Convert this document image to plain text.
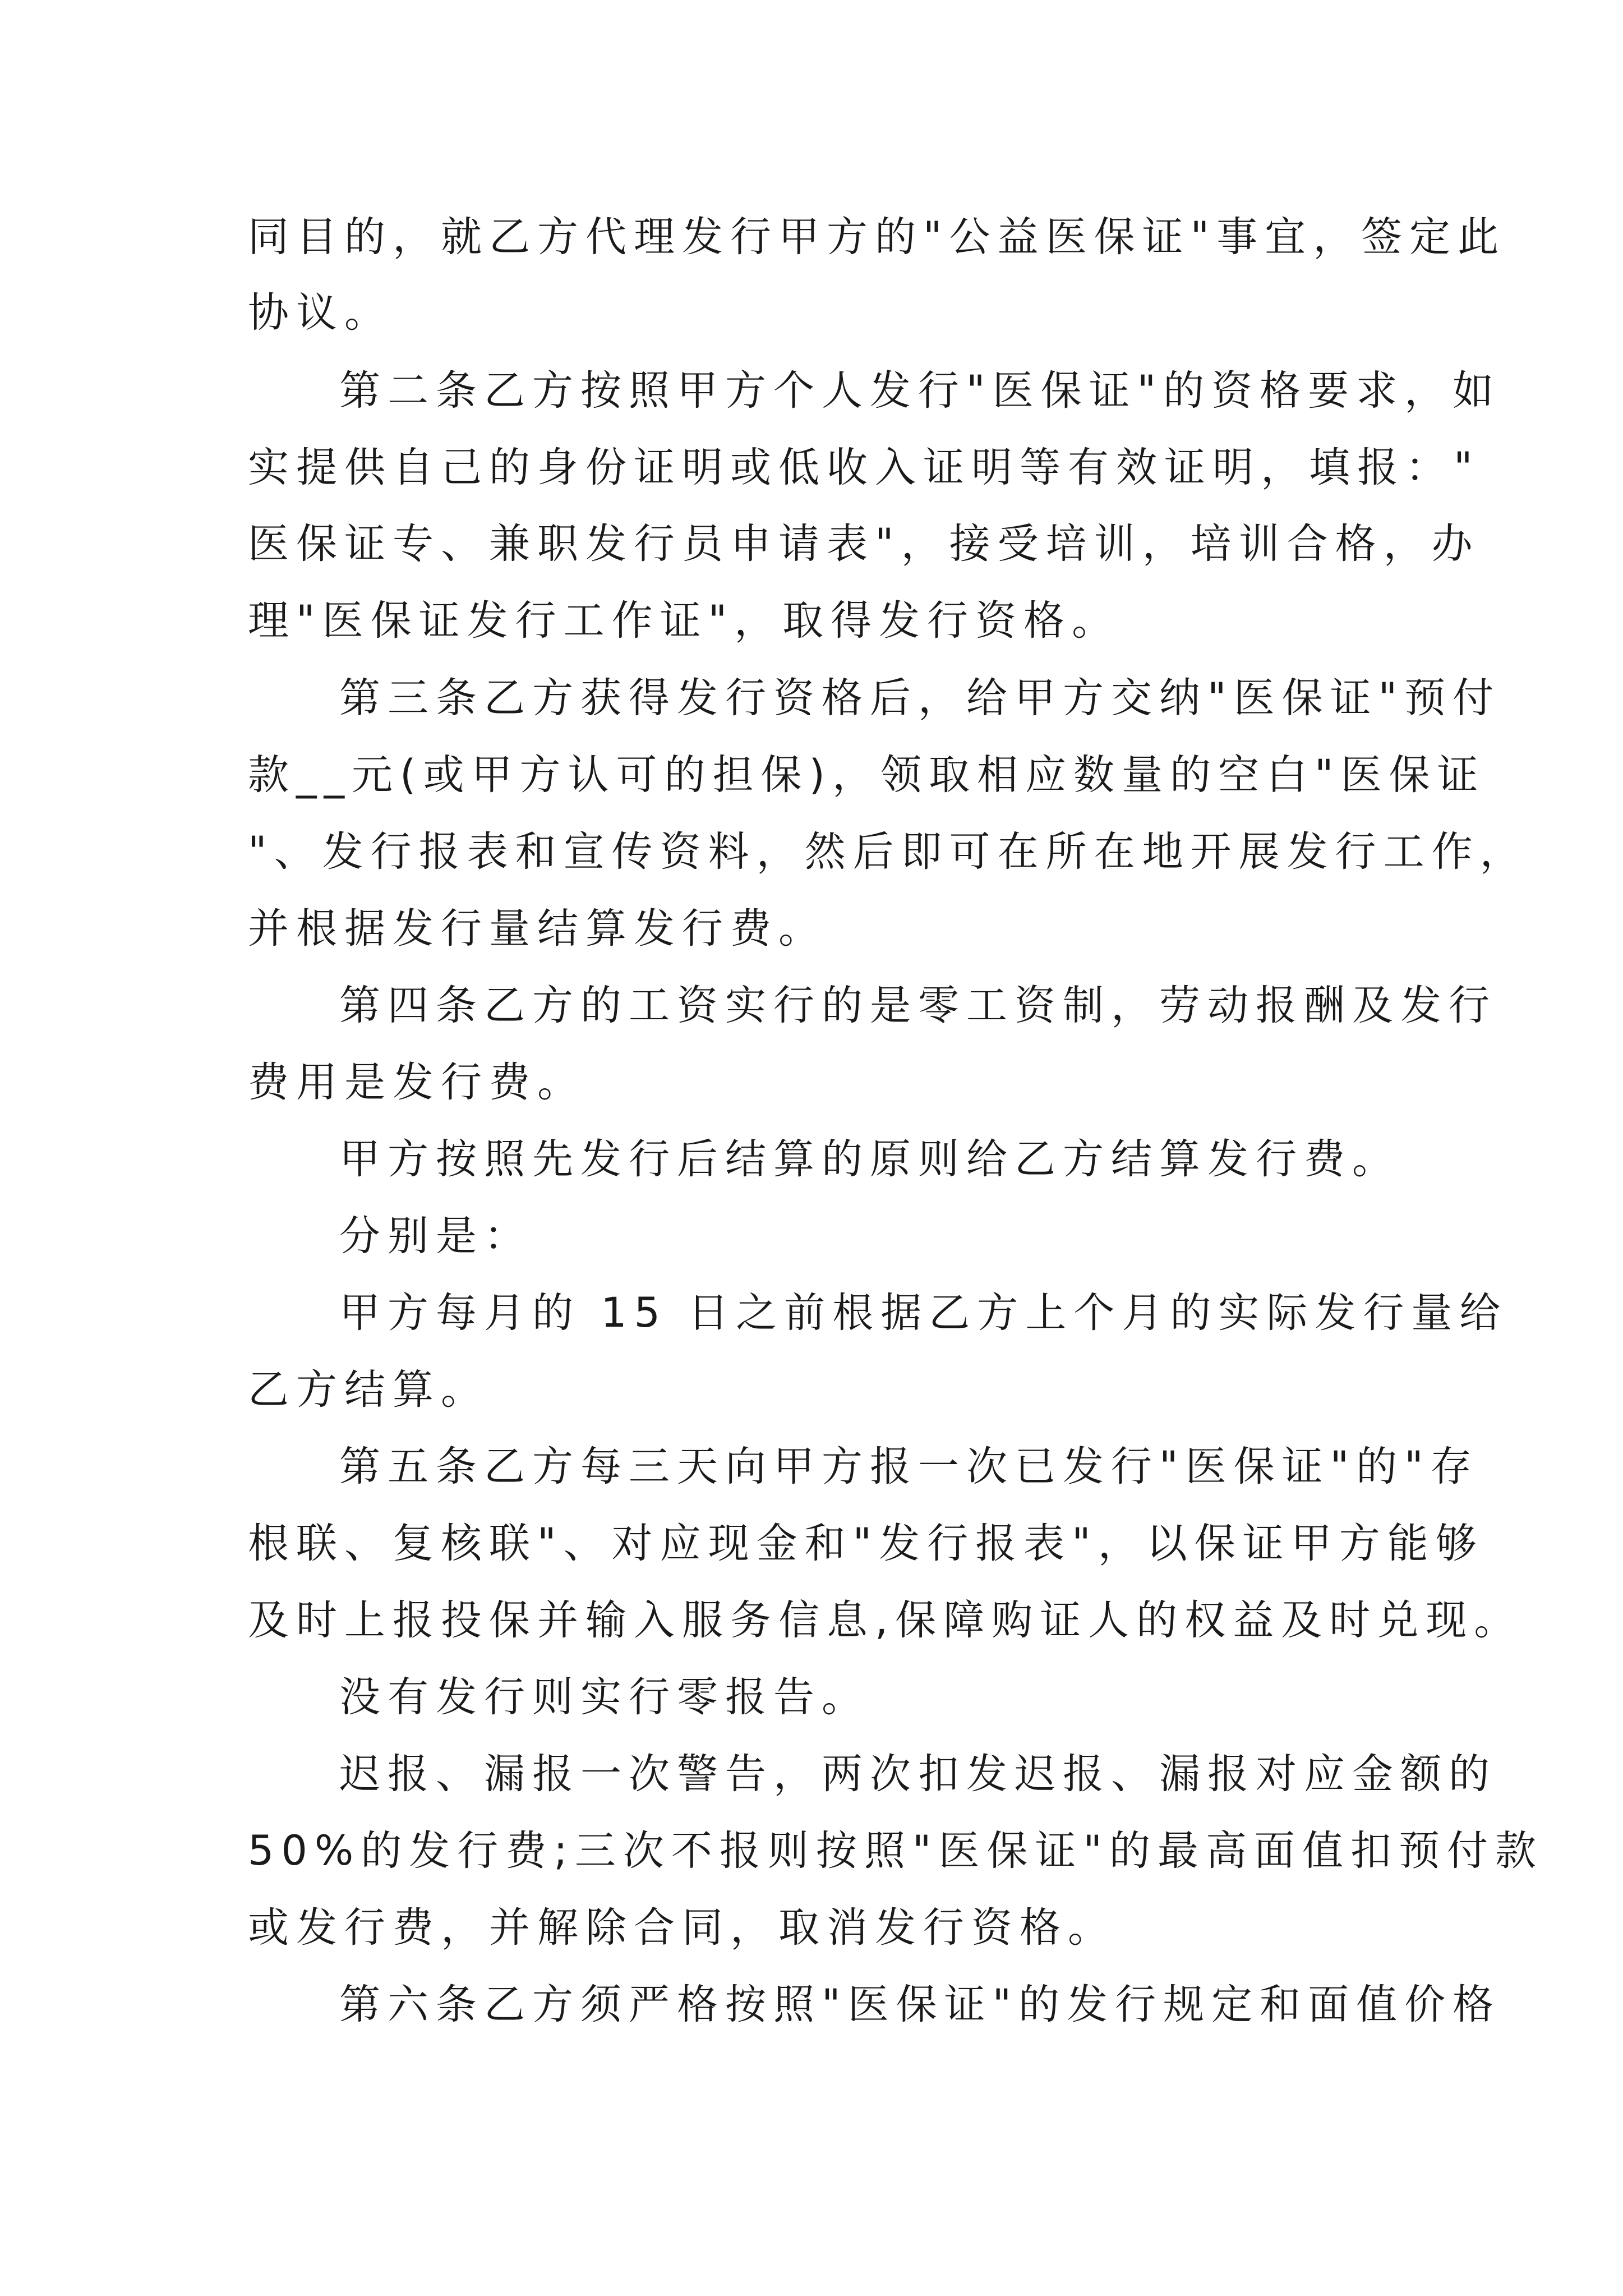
同目的，就乙方代理发行甲方的"公益医保证"事宜，签定此

协议。

第二条乙方按照甲方个人发行"医保证"的资格要求，如

实提供自己的身份证明或低收入证明等有效证明，填报："

医保证专、兼职发行员申请表"，接受培训，培训合格，办

理"医保证发行工作证"，取得发行资格。

第三条乙方获得发行资格后，给甲方交纳"医保证"预付

款__元(或甲方认可的担保)，领取相应数量的空白"医保证

"、发行报表和宣传资料，然后即可在所在地开展发行工作，

并根据发行量结算发行费。

第四条乙方的工资实行的是零工资制，劳动报酬及发行

费用是发行费。

甲方按照先发行后结算的原则给乙方结算发行费。

分别是：

甲方每月的 15 日之前根据乙方上个月的实际发行量给

乙方结算。

第五条乙方每三天向甲方报一次已发行"医保证"的"存

根联、复核联"、对应现金和"发行报表"，以保证甲方能够

及时上报投保并输入服务信息,保障购证人的权益及时兑现。

没有发行则实行零报告。

迟报、漏报一次警告，两次扣发迟报、漏报对应金额的

50%的发行费;三次不报则按照"医保证"的最高面值扣预付款

或发行费，并解除合同，取消发行资格。

第六条乙方须严格按照"医保证"的发行规定和面值价格
